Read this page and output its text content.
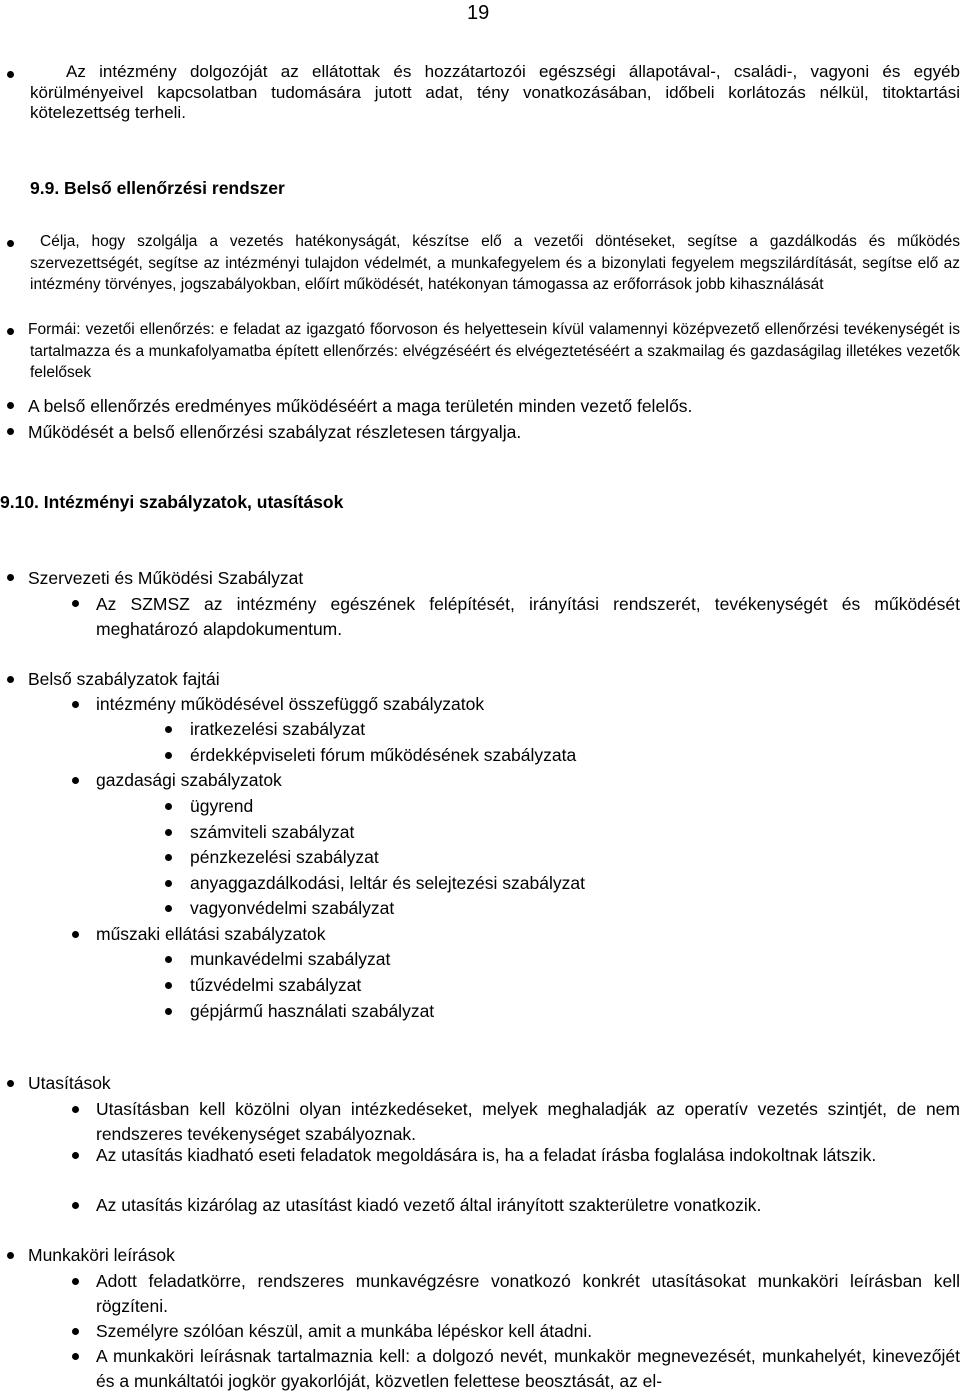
19

Az intézmény dolgozóját az ellátottak és hozzátartozói egészségi állapotával-, családi-, vagyoni és egyéb körülményeivel kapcsolatban tudomására jutott adat, tény vonatkozásában, időbeli korlátozás nélkül, titoktartási kötelezettség terheli.

9.9. Belső ellenőrzési rendszer

Célja, hogy szolgálja a vezetés hatékonyságát, készítse elő a vezetői döntéseket, segítse a gazdálkodás és működés szervezettségét, segítse az intézményi tulajdon védelmét, a munkafegyelem és a bizonylati fegyelem megszilárdítását, segítse elő az intézmény törvényes, jogszabályokban, előírt működését, hatékonyan támogassa az erőforrások jobb kihasználását

Formái: vezetői ellenőrzés: e feladat az igazgató főorvoson és helyettesein kívül valamennyi középvezető ellenőrzési tevékenységét is tartalmazza és a munkafolyamatba épített ellenőrzés: elvégzéséért és elvégeztetéséért a szakmailag és gazdaságilag illetékes vezetők felelősek

A belső ellenőrzés eredményes működéséért a maga területén minden vezető felelős.

Működését a belső ellenőrzési szabályzat részletesen tárgyalja.

9.10. Intézményi szabályzatok, utasítások
Szervezeti és Működési Szabályzat

Az SZMSZ az intézmény egészének felépítését, irányítási rendszerét, tevékenységét és működését meghatározó alapdokumentum.

Belső szabályzatok fajtái
intézmény működésével összefüggő szabályzatok
iratkezelési szabályzat
érdekképviseleti fórum működésének szabályzata
gazdasági szabályzatok
ügyrend
számviteli szabályzat
pénzkezelési szabályzat
anyaggazdálkodási, leltár és selejtezési szabályzat
vagyonvédelmi szabályzat
műszaki ellátási szabályzatok
munkavédelmi szabályzat
tűzvédelmi szabályzat
gépjármű használati szabályzat
Utasítások

Utasításban kell közölni olyan intézkedéseket, melyek meghaladják az operatív vezetés szintjét, de nem rendszeres tevékenységet szabályoznak.

Az utasítás kiadható eseti feladatok megoldására is, ha a feladat írásba foglalása indokoltnak látszik.

Az utasítás kizárólag az utasítást kiadó vezető által irányított szakterületre vonatkozik.

Munkaköri leírások

Adott feladatkörre, rendszeres munkavégzésre vonatkozó konkrét utasításokat munkaköri leírásban kell rögzíteni.

Személyre szólóan készül, amit a munkába lépéskor kell átadni.

A munkaköri leírásnak tartalmaznia kell: a dolgozó nevét, munkakör megnevezését, munkahelyét, kinevezőjét és a munkáltatói jogkör gyakorlóját, közvetlen felettese beosztását, az el-
